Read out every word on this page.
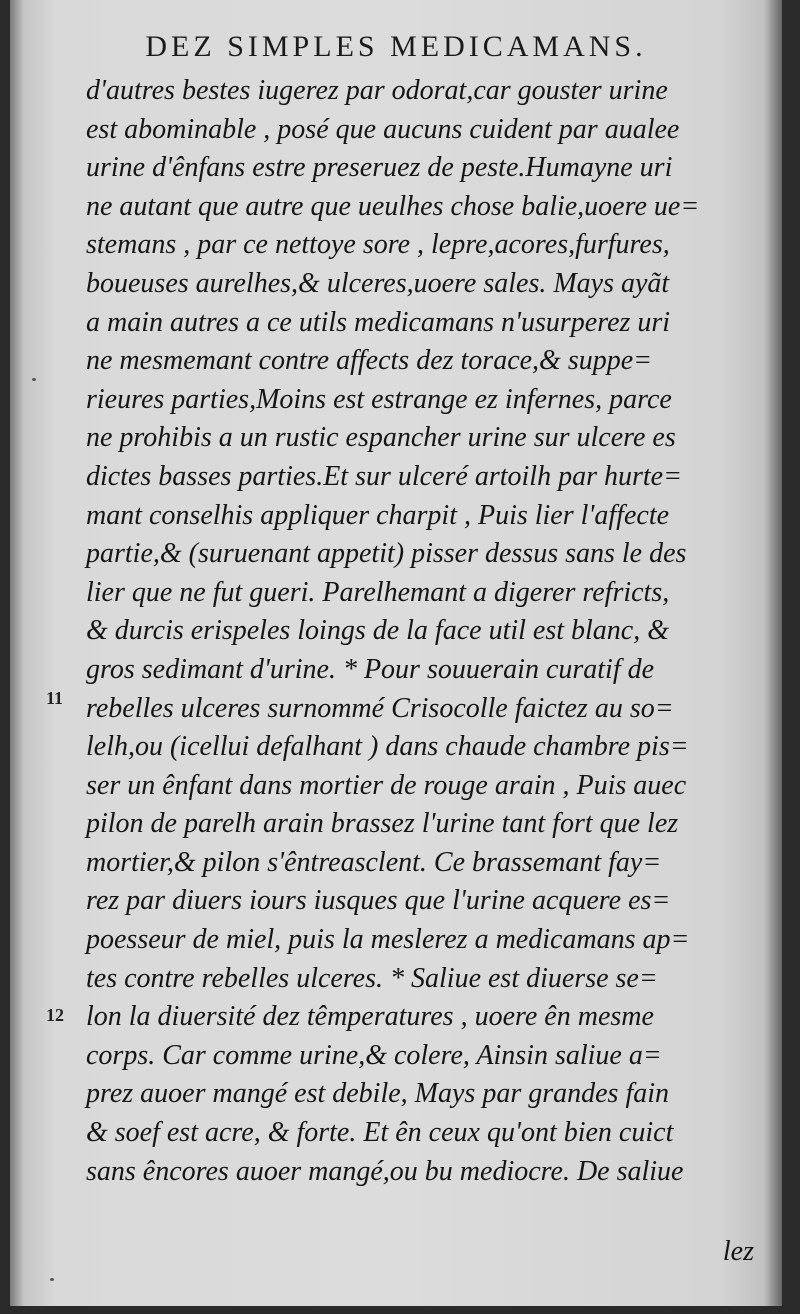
DEZ SIMPLES MEDICAMANS.
11
12
d'autres bestes iugerez par odorat,car gouster urine
est abominable , posé que aucuns cuident par aualee
urine d'ênfans estre preseruez de peste.Humayne uri
ne autant que autre que ueulhes chose balie,uoere ue=
stemans , par ce nettoye sore , lepre,acores,furfures,
boueuses aurelhes,& ulceres,uoere sales. Mays ayãt
a main autres a ce utils medicamans n'usurperez uri
ne mesmemant contre affects dez torace,& suppe=
rieures parties,Moins est estrange ez infernes, parce
ne prohibis a un rustic espancher urine sur ulcere es
dictes basses parties.Et sur ulceré artoilh par hurte=
mant conselhis appliquer charpit , Puis lier l'affecte
partie,& (suruenant appetit) pisser dessus sans le des
lier que ne fut gueri. Parelhemant a digerer refricts,
& durcis erispeles loings de la face util est blanc, &
gros sedimant d'urine. * Pour souuerain curatif de
rebelles ulceres surnommé Crisocolle faictez au so=
lelh,ou (icellui defalhant ) dans chaude chambre pis=
ser un ênfant dans mortier de rouge arain , Puis auec
pilon de parelh arain brassez l'urine tant fort que lez
mortier,& pilon s'êntreasclent. Ce brassemant fay=
rez par diuers iours iusques que l'urine acquere es=
poesseur de miel, puis la meslerez a medicamans ap=
tes contre rebelles ulceres. * Saliue est diuerse se=
lon la diuersité dez têmperatures , uoere ên mesme
corps. Car comme urine,& colere, Ainsin saliue a=
prez auoer mangé est debile, Mays par grandes fain
& soef est acre, & forte. Et ên ceux qu'ont bien cuict
sans êncores auoer mangé,ou bu mediocre. De saliue
lez
